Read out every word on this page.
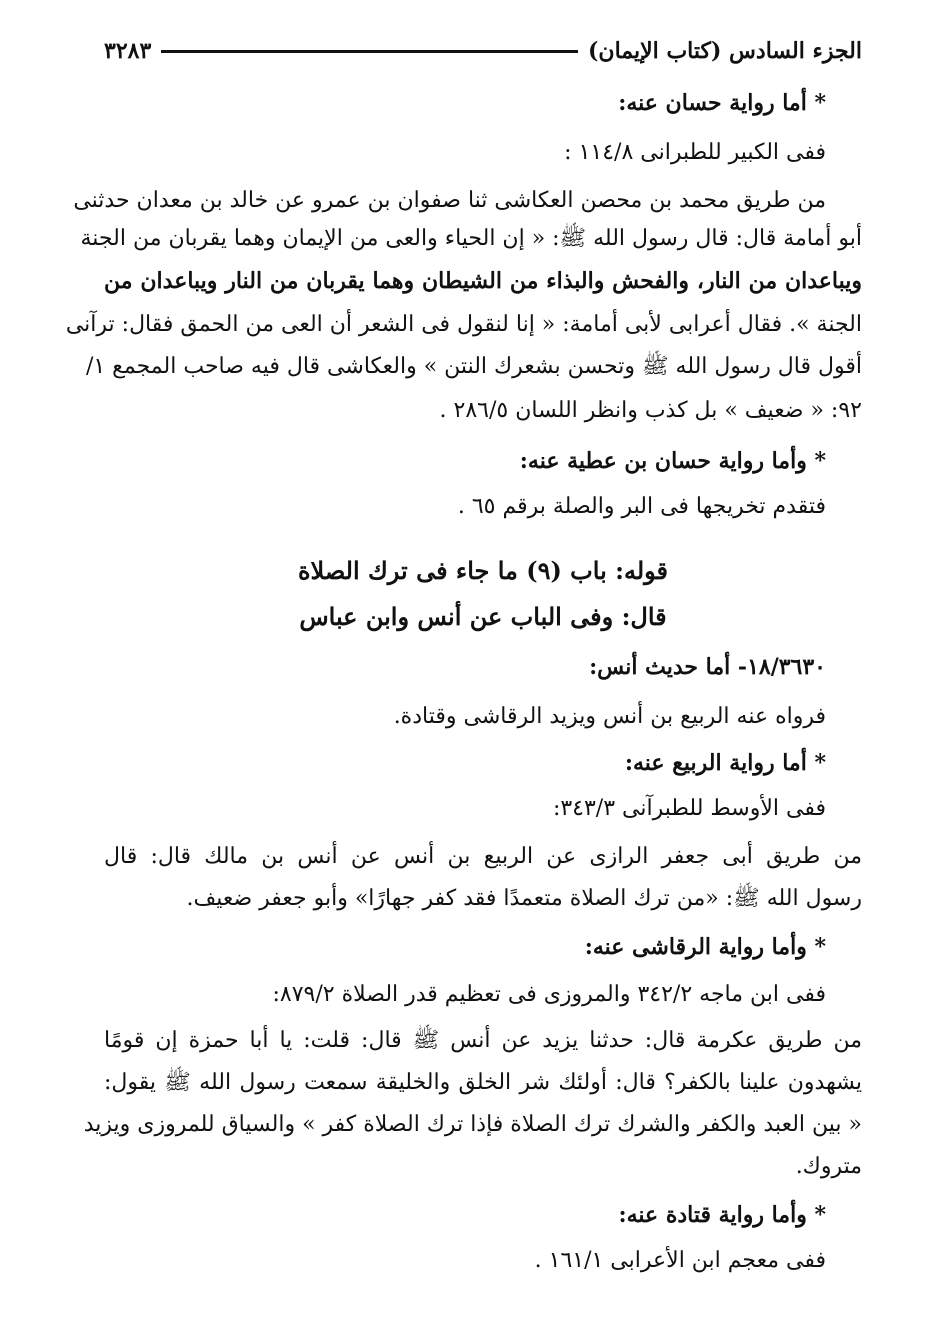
الجزء السادس (كتاب الإيمان)
٣٢٨٣
* أما رواية حسان عنه:
ففى الكبير للطبرانى ١١٤/٨ :
من طريق محمد بن محصن العكاشى ثنا صفوان بن عمرو عن خالد بن معدان حدثنى
أبو أمامة قال: قال رسول الله ﷺ: « إن الحياء والعى من الإيمان وهما يقربان من الجنة
ويباعدان من النار، والفحش والبذاء من الشيطان وهما يقربان من النار ويباعدان من
الجنة ». فقال أعرابى لأبى أمامة: « إنا لنقول فى الشعر أن العى من الحمق فقال: ترآنى
أقول قال رسول الله ﷺ وتحسن بشعرك النتن » والعكاشى قال فيه صاحب المجمع ١/
٩٢: « ضعيف » بل كذب وانظر اللسان ٢٨٦/٥ .
* وأما رواية حسان بن عطية عنه:
فتقدم تخريجها فى البر والصلة برقم ٦٥ .
قوله: باب (٩) ما جاء فى ترك الصلاة
قال: وفى الباب عن أنس وابن عباس
١٨/٣٦٣٠- أما حديث أنس:
فرواه عنه الربيع بن أنس ويزيد الرقاشى وقتادة.
* أما رواية الربيع عنه:
ففى الأوسط للطبرآنى ٣٤٣/٣:
من طريق أبى جعفر الرازى عن الربيع بن أنس عن أنس بن مالك قال: قال
رسول الله ﷺ: «من ترك الصلاة متعمدًا فقد كفر جهارًا» وأبو جعفر ضعيف.
* وأما رواية الرقاشى عنه:
ففى ابن ماجه ٣٤٢/٢ والمروزى فى تعظيم قدر الصلاة ٨٧٩/٢:
من طريق عكرمة قال: حدثنا يزيد عن أنس ﷺ قال: قلت: يا أبا حمزة إن قومًا
يشهدون علينا بالكفر؟ قال: أولئك شر الخلق والخليقة سمعت رسول الله ﷺ يقول:
« بين العبد والكفر والشرك ترك الصلاة فإذا ترك الصلاة كفر » والسياق للمروزى ويزيد
متروك.
* وأما رواية قتادة عنه:
ففى معجم ابن الأعرابى ١٦١/١ .
